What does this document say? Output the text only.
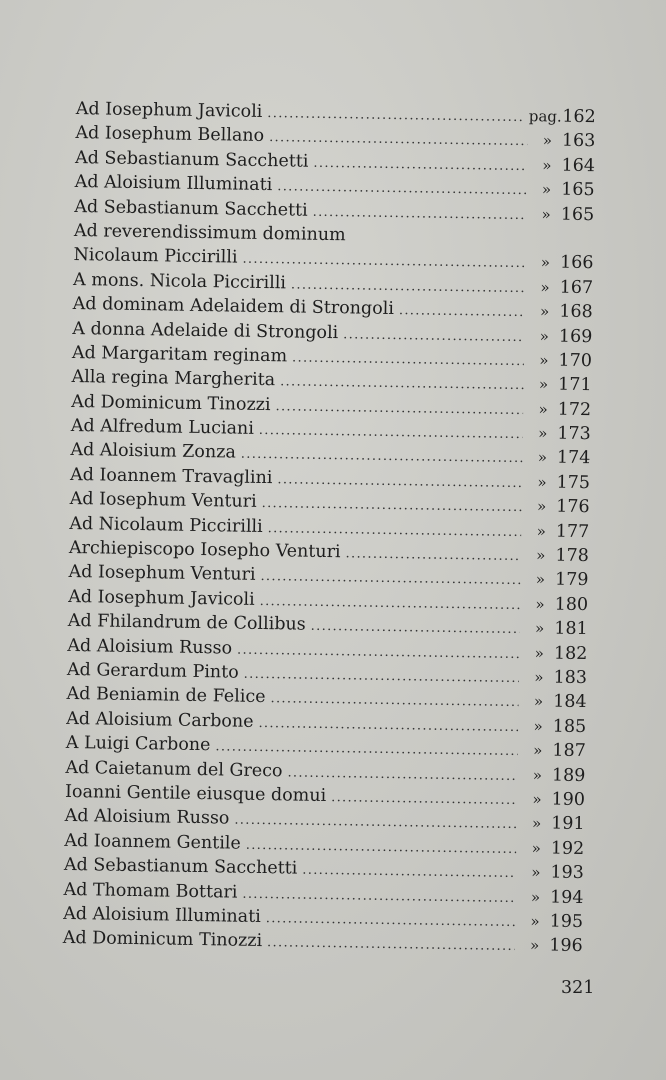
Ad Iosephum Javicoli . . .	pag. 162
Ad Iosephum Bellano . . .	» 163
Ad Sebastianum Sacchetti . . .	» 164
Ad Aloisium Illuminati . . .	» 165
Ad Sebastianum Sacchetti . . .	» 165
Ad reverendissimum dominum
Nicolaum Piccirilli . . .	» 166
A mons. Nicola Piccirilli . . .	» 167
Ad dominam Adelaidem di Strongoli . . .	» 168
A donna Adelaide di Strongoli . . .	» 169
Ad Margaritam reginam . . .	» 170
Alla regina Margherita . . .	» 171
Ad Dominicum Tinozzi . . .	» 172
Ad Alfredum Luciani . . .	» 173
Ad Aloisium Zonza . . .	» 174
Ad Ioannem Travaglini . . .	» 175
Ad Iosephum Venturi . . .	» 176
Ad Nicolaum Piccirilli . . .	» 177
Archiepiscopo Iosepho Venturi . . .	» 178
Ad Iosephum Venturi . . .	» 179
Ad Iosephum Javicoli . . .	» 180
Ad Fhilandrum de Collibus . . .	» 181
Ad Aloisium Russo . . .	» 182
Ad Gerardum Pinto . . .	» 183
Ad Beniamin de Felice . . .	» 184
Ad Aloisium Carbone . . .	» 185
A Luigi Carbone . . .	» 187
Ad Caietanum del Greco . . .	» 189
Ioanni Gentile eiusque domui . . .	» 190
Ad Aloisium Russo . . .	» 191
Ad Ioannem Gentile . . .	» 192
Ad Sebastianum Sacchetti . . .	» 193
Ad Thomam Bottari . . .	» 194
Ad Aloisium Illuminati . . .	» 195
Ad Dominicum Tinozzi . . .	» 196
321
